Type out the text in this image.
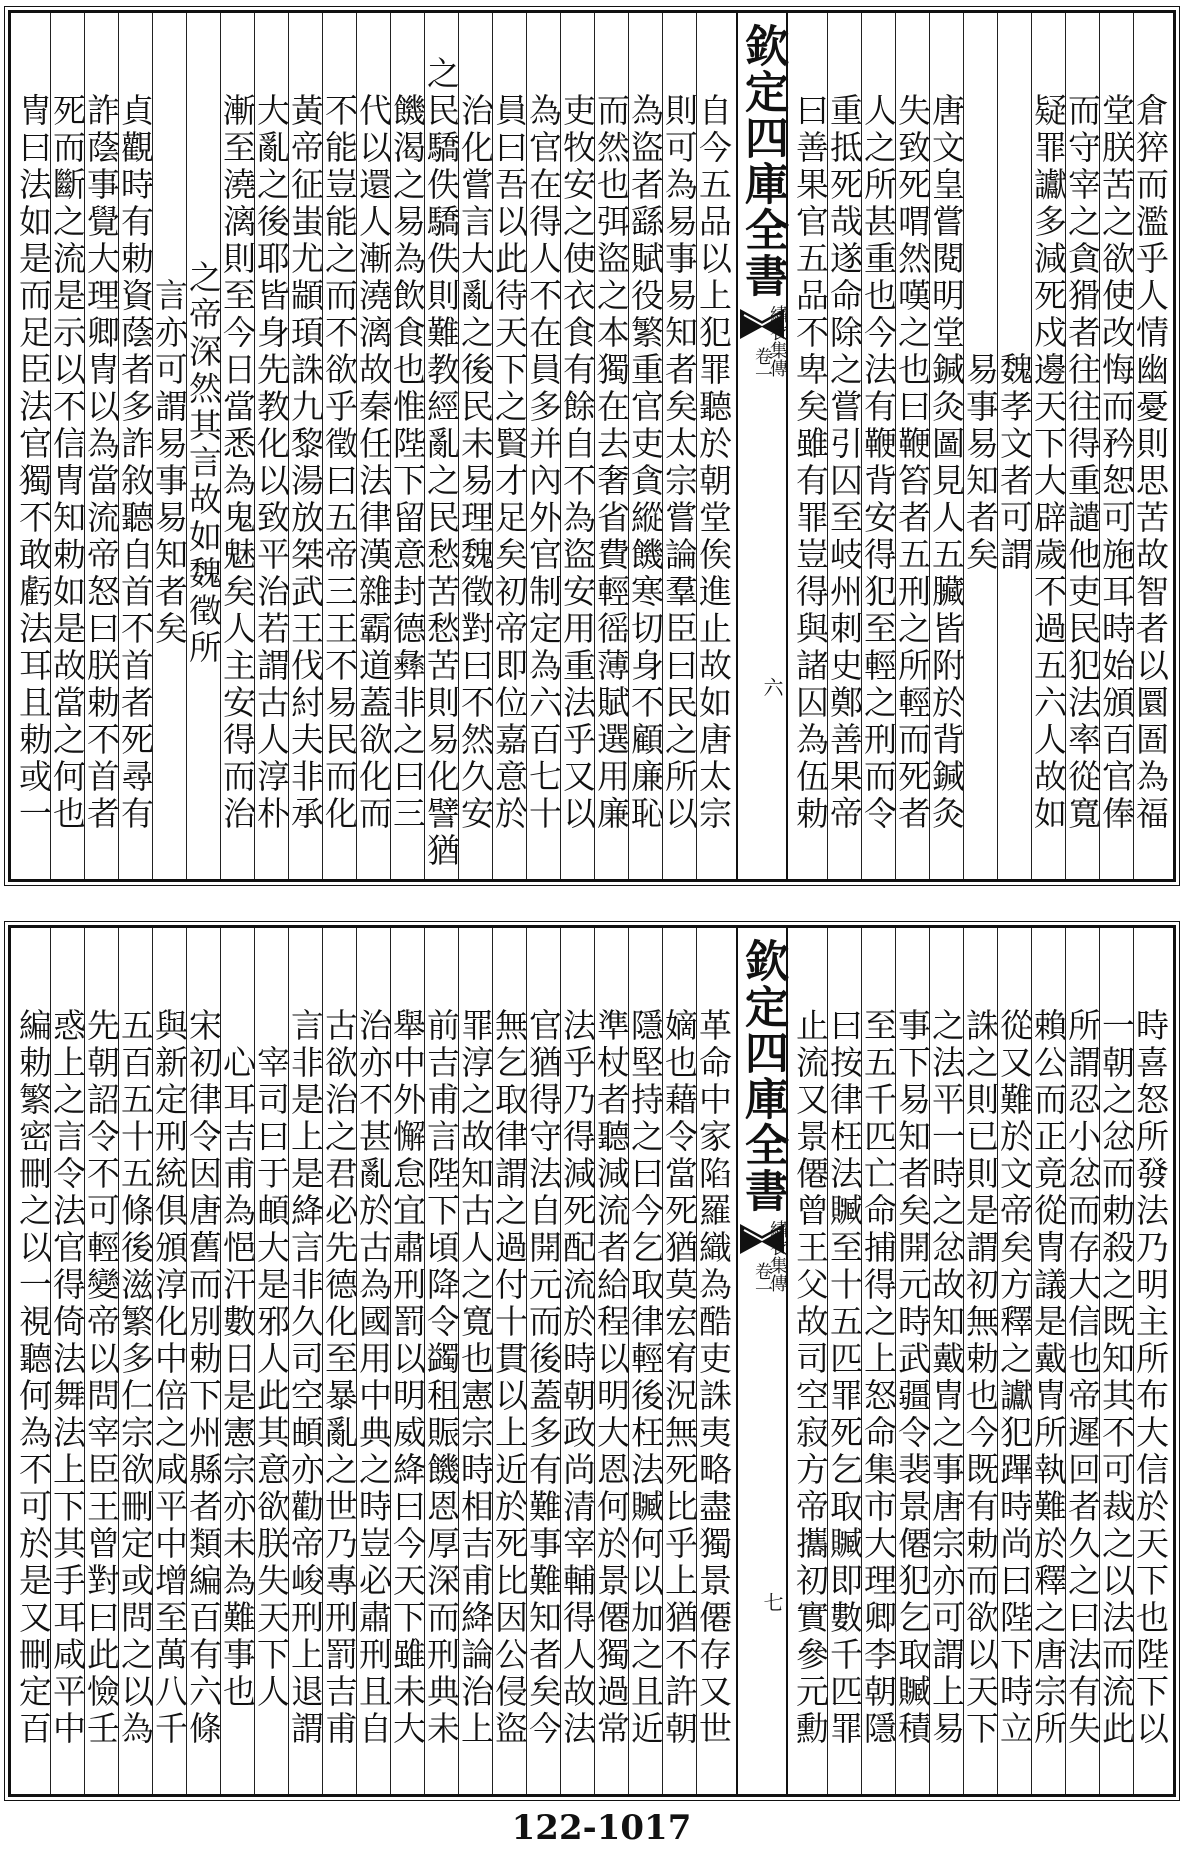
倉猝而濫乎人情幽憂則思苦故智者以圜圄為福
堂朕苦之欲使改悔而矜恕可施耳時始頒百官俸
而守宰之貪猾者往往得重譴他吏民犯法率從寬
疑罪讞多減死戍邊天下大辟歲不過五六人故如
魏孝文者可謂
易事易知者矣
唐文皇嘗閱明堂鍼灸圖見人五臟皆附於背鍼灸
失致死喟然嘆之也曰鞭笞者五刑之所輕而死者
人之所甚重也今法有鞭背安得犯至輕之刑而令
重抵死哉遂命除之嘗引囚至岐州刺史鄭善果帝
曰善果官五品不卑矣雖有罪豈得與諸囚為伍勅
欽定四庫全書
卷一
繡衣集傳
六
自今五品以上犯罪聽於朝堂俟進止故如唐太宗
則可為易事易知者矣太宗嘗論羣臣曰民之所以
為盜者繇賦役繁重官吏貪縱饑寒切身不顧廉恥
而然也弭盜之本獨在去奢省費輕徭薄賦選用廉
吏牧安之使衣食有餘自不為盜安用重法乎又以
為官在得人不在員多并內外官制定為六百七十
員曰吾以此待天下之賢才足矣初帝即位嘉意於
治化嘗言大亂之後民未易理魏徵對曰不然久安
之民驕佚驕佚則難教經亂之民愁苦愁苦則易化譬猶
饑渴之易為飲食也惟陛下留意封德彝非之曰三
代以還人漸澆漓故秦任法律漢雜霸道蓋欲化而
不能豈能之而不欲乎徵曰五帝三王不易民而化
黃帝征蚩尤顓頊誅九黎湯放桀武王伐紂夫非承
大亂之後耶皆身先教化以致平治若謂古人淳朴
漸至澆漓則至今日當悉為鬼魅矣人主安得而治
之帝深然其言故如魏徵所
言亦可謂易事易知者矣
貞觀時有勅資蔭者多詐敘聽自首不首者死尋有
詐蔭事覺大理卿冑以為當流帝怒曰朕勅不首者
死而斷之流是示以不信冑知勅如是故當之何也
冑曰法如是而足臣法官獨不敢虧法耳且勅或一
時喜怒所發法乃明主所布大信於天下也陛下以
一朝之忿而勅殺之既知其不可裁之以法而流此
所謂忍小忿而存大信也帝遲回者久之曰法有失
賴公而正竟從冑議是戴冑所執難於釋之唐宗所
從又難於文帝矣方釋之讞犯蹕時尚曰陛下時立
誅之則已則是謂初無勅也今既有勅而欲以天下
之法平一時之忿故知戴冑之事唐宗亦可謂上易
事下易知者矣開元時武疆令裴景僊犯乞取贓積
至五千匹亡命捕得之上怒命集市大理卿李朝隱
曰按律枉法贓至十五匹罪死乞取贓即數千匹罪
止流又景僊曾王父故司空寂方帝攜初實參元勳
欽定四庫全書
卷一
繡衣集傳
七
革命中家陷羅織為酷吏誅夷略盡獨景僊存又世
嫡也藉令當死猶莫宏宥況無死比乎上猶不許朝
隱堅持之曰今乞取律輕後枉法贓何以加之且近
準杖者聽減流者給程以明大恩何於景僊獨過常
法乎乃得減死配流於時朝政尚清宰輔得人故法
官猶得守法自開元而後蓋多有難事難知者矣今
無乞取律謂之過付十貫以上近於死比因公侵盜
罪淳之故知古人之寬也憲宗時相吉甫絳論治上
前吉甫言陛下頃降令蠲租賑饑恩厚深而刑典未
舉中外懈怠宜肅刑罰以明威絳曰今天下雖未大
治亦不甚亂於古為國用中典之時豈必肅刑且自
古欲治之君必先德化至暴亂之世乃專刑罰吉甫
言非是上是絳言非久司空頔亦勸帝峻刑上退謂
宰司曰于頔大是邪人此其意欲朕失天下人
心耳吉甫為悒汗數日是憲宗亦未為難事也
宋初律令因唐舊而別勅下州縣者類編百有六條
與新定刑統俱頒淳化中倍之咸平中增至萬八千
五百五十五條後滋繁多仁宗欲刪定或問之以為
先朝詔令不可輕變帝以問宰臣王曾對曰此憸壬
惑上之言令法官得倚法舞法上下其手耳咸平中
編勅繁密刪之以一視聽何為不可於是又刪定百
122-1017
